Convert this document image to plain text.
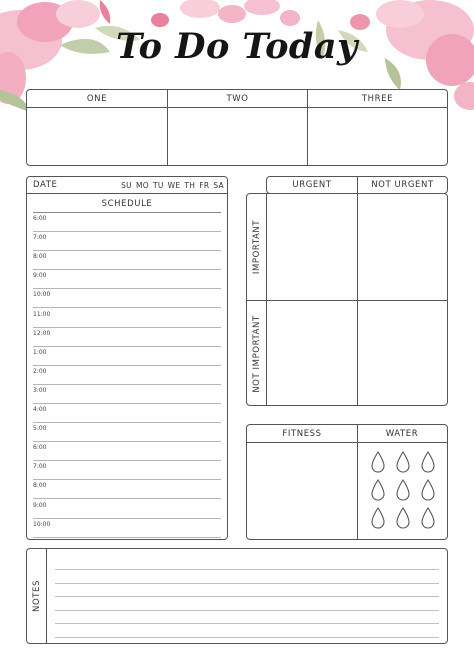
To Do Today
ONE	TWO	THREE
DATE	SU MO TU WE TH FR SA
SCHEDULE
6:00
7:00
8:00
9:00
10:00
11:00
12:00
1:00
2:00
3:00
4:00
5:00
6:00
7:00
8:00
9:00
10:00
URGENT	NOT URGENT
IMPORTANT
NOT IMPORTANT
FITNESS	WATER
NOTES
